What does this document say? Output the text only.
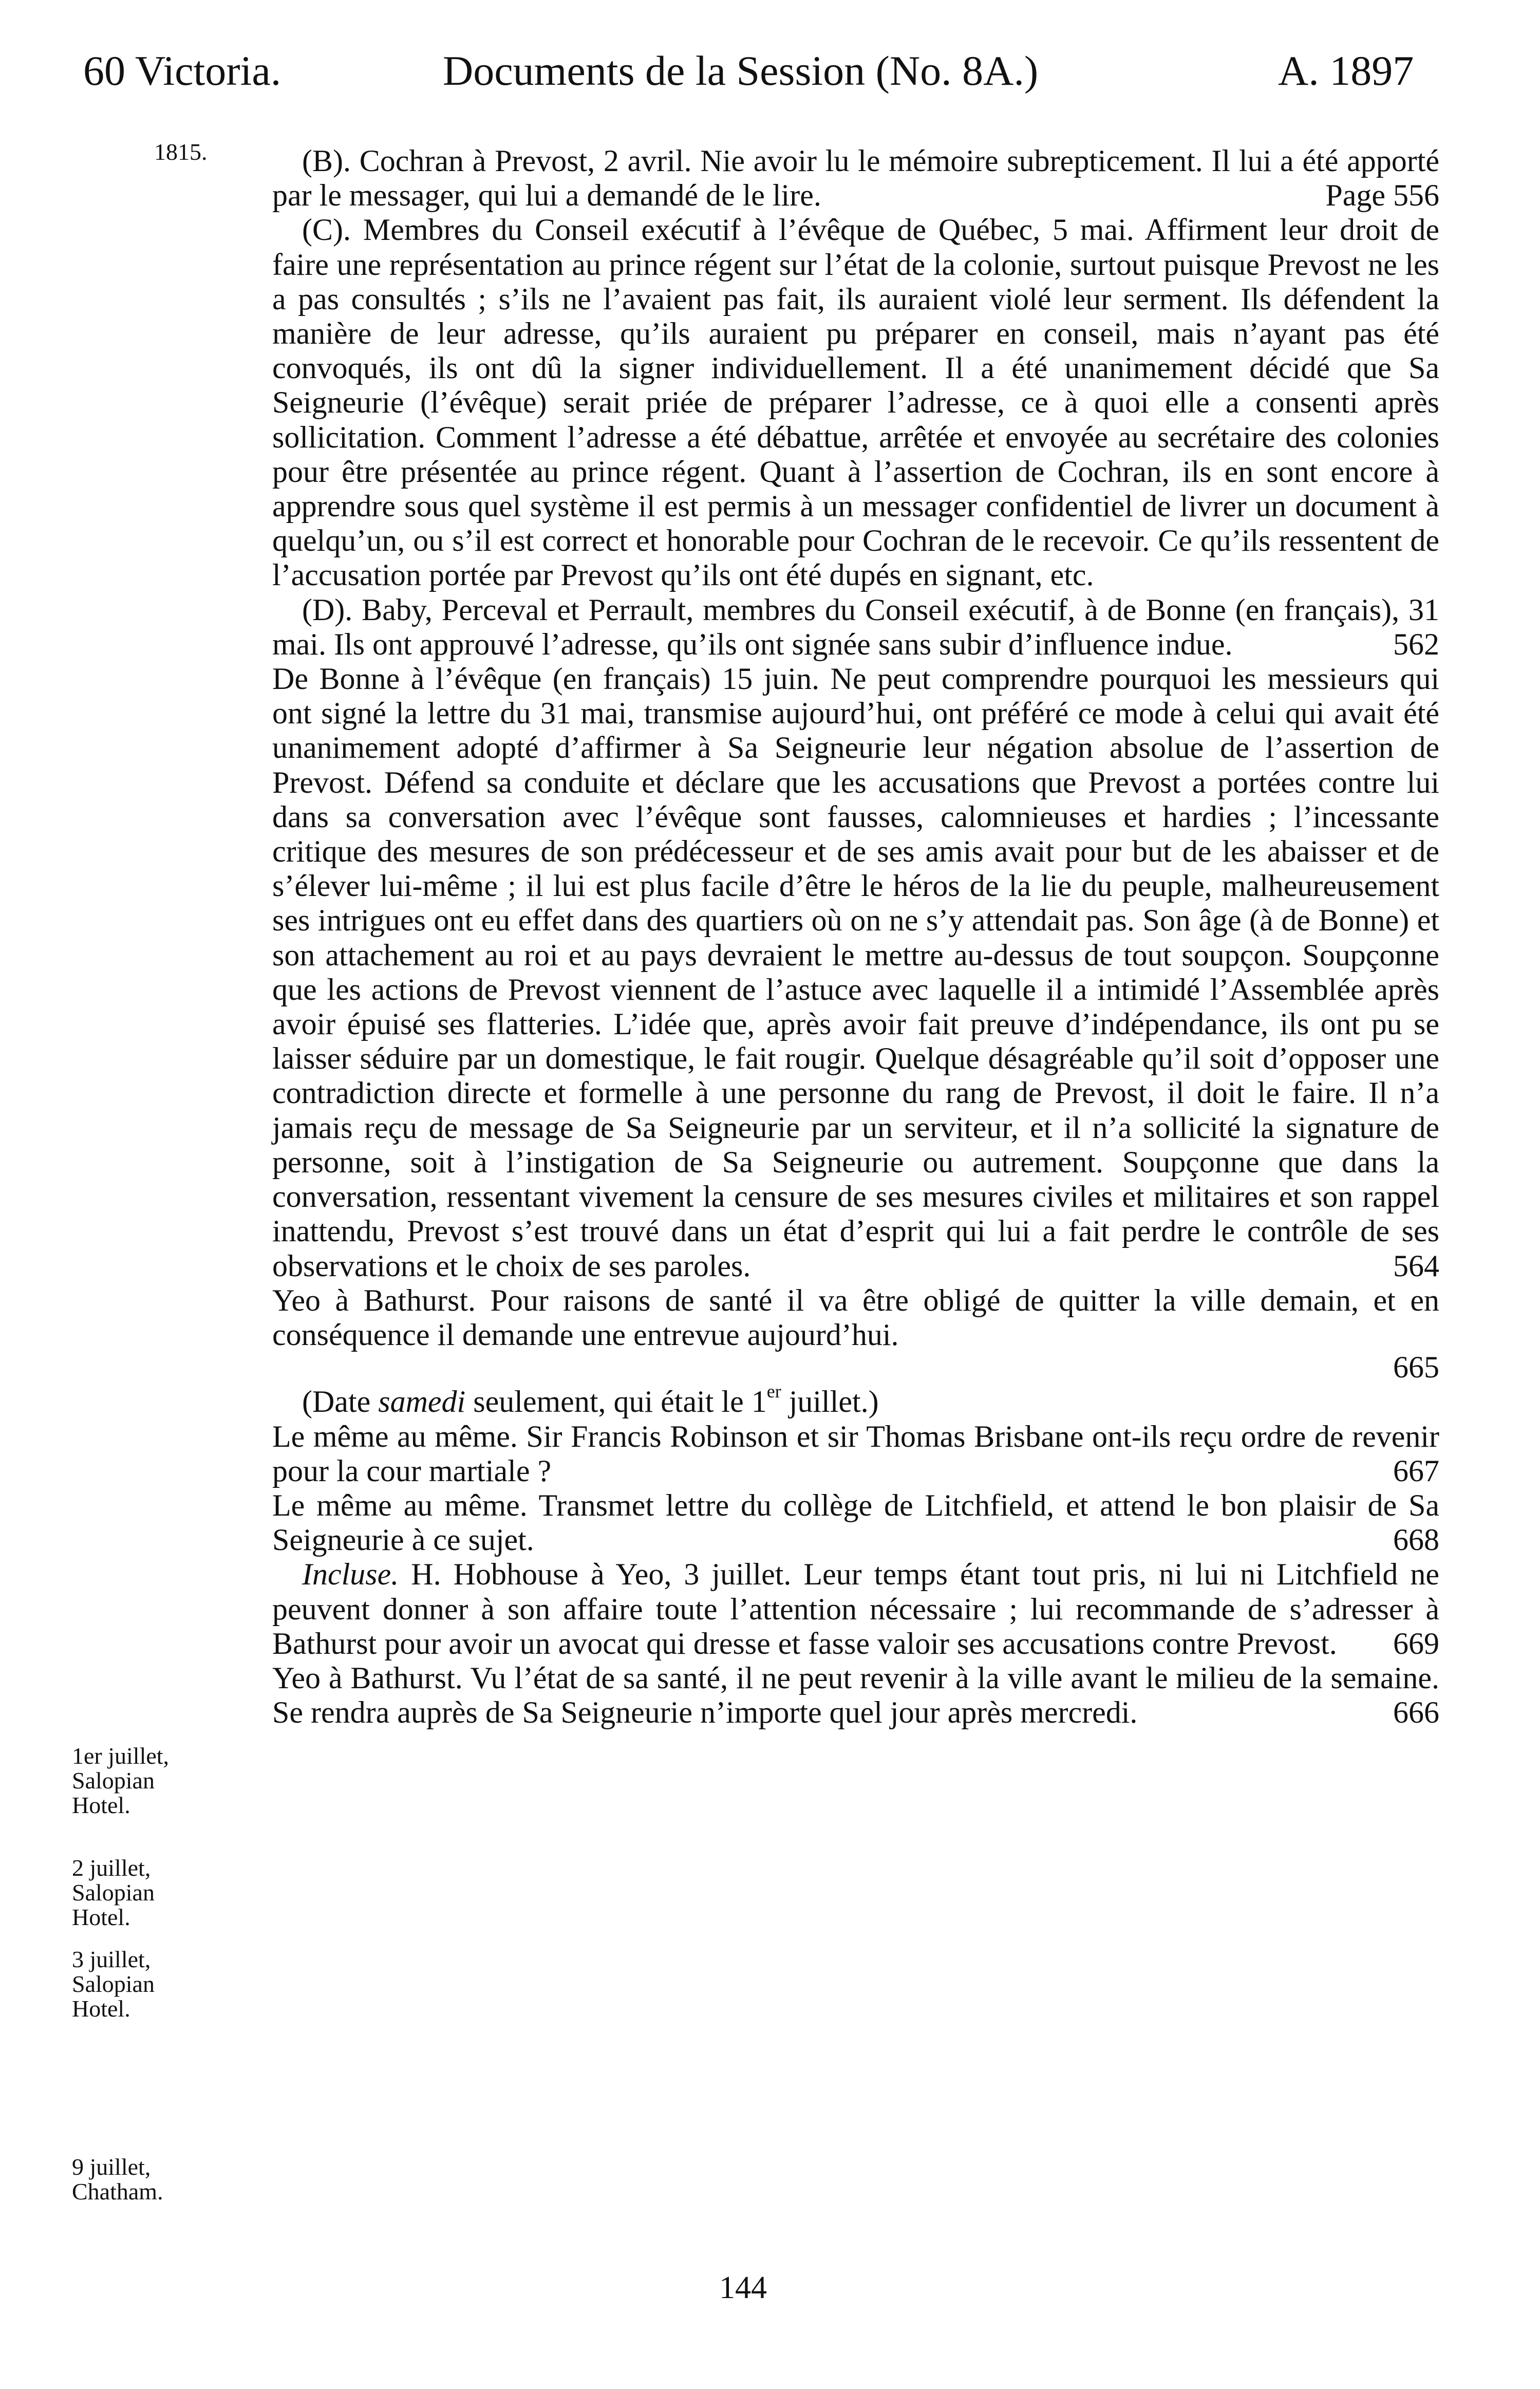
60 Victoria.	Documents de la Session (No. 8A.)	A. 1897
1815.
1er juillet,
Salopian
Hotel.
2 juillet,
Salopian
Hotel.
3 juillet,
Salopian
Hotel.
9 juillet,
Chatham.

(B). Cochran à Prevost, 2 avril. Nie avoir lu le mémoire subrepticement. Il lui a été apporté par le messager, qui lui a demandé de le lire.	Page 556

(C). Membres du Conseil exécutif à l’évêque de Québec, 5 mai. Affirment leur droit de faire une représentation au prince régent sur l’état de la colonie, surtout puisque Prevost ne les a pas consultés ; s’ils ne l’avaient pas fait, ils auraient violé leur serment. Ils défendent la manière de leur adresse, qu’ils auraient pu préparer en conseil, mais n’ayant pas été convoqués, ils ont dû la signer individuellement. Il a été unanimement décidé que Sa Seigneurie (l’évêque) serait priée de préparer l’adresse, ce à quoi elle a consenti après sollicitation. Comment l’adresse a été débattue, arrêtée et envoyée au secrétaire des colonies pour être présentée au prince régent. Quant à l’assertion de Cochran, ils en sont encore à apprendre sous quel système il est permis à un messager confidentiel de livrer un document à quelqu’un, ou s’il est correct et honorable pour Cochran de le recevoir. Ce qu’ils ressentent de l’accusation portée par Prevost qu’ils ont été dupés en signant, etc.

(D). Baby, Perceval et Perrault, membres du Conseil exécutif, à de Bonne (en français), 31 mai. Ils ont approuvé l’adresse, qu’ils ont signée sans subir d’influence indue.	562

De Bonne à l’évêque (en français) 15 juin. Ne peut comprendre pourquoi les messieurs qui ont signé la lettre du 31 mai, transmise aujourd’hui, ont préféré ce mode à celui qui avait été unanimement adopté d’affirmer à Sa Seigneurie leur négation absolue de l’assertion de Prevost. Défend sa conduite et déclare que les accusations que Prevost a portées contre lui dans sa conversation avec l’évêque sont fausses, calomnieuses et hardies ; l’incessante critique des mesures de son prédécesseur et de ses amis avait pour but de les abaisser et de s’élever lui-même ; il lui est plus facile d’être le héros de la lie du peuple, malheureusement ses intrigues ont eu effet dans des quartiers où on ne s’y attendait pas. Son âge (à de Bonne) et son attachement au roi et au pays devraient le mettre au-dessus de tout soupçon. Soupçonne que les actions de Prevost viennent de l’astuce avec laquelle il a intimidé l’Assemblée après avoir épuisé ses flatteries. L’idée que, après avoir fait preuve d’indépendance, ils ont pu se laisser séduire par un domestique, le fait rougir. Quelque désagréable qu’il soit d’opposer une contradiction directe et formelle à une personne du rang de Prevost, il doit le faire. Il n’a jamais reçu de message de Sa Seigneurie par un serviteur, et il n’a sollicité la signature de personne, soit à l’instigation de Sa Seigneurie ou autrement. Soupçonne que dans la conversation, ressentant vivement la censure de ses mesures civiles et militaires et son rappel inattendu, Prevost s’est trouvé dans un état d’esprit qui lui a fait perdre le contrôle de ses observations et le choix de ses paroles.	564

Yeo à Bathurst. Pour raisons de santé il va être obligé de quitter la ville demain, et en conséquence il demande une entrevue aujourd’hui.
665

(Date samedi seulement, qui était le 1er juillet.)

Le même au même. Sir Francis Robinson et sir Thomas Brisbane ont-ils reçu ordre de revenir pour la cour martiale ?	667

Le même au même. Transmet lettre du collège de Litchfield, et attend le bon plaisir de Sa Seigneurie à ce sujet.	668

Incluse. H. Hobhouse à Yeo, 3 juillet. Leur temps étant tout pris, ni lui ni Litchfield ne peuvent donner à son affaire toute l’attention nécessaire ; lui recommande de s’adresser à Bathurst pour avoir un avocat qui dresse et fasse valoir ses accusations contre Prevost.	669

Yeo à Bathurst. Vu l’état de sa santé, il ne peut revenir à la ville avant le milieu de la semaine. Se rendra auprès de Sa Seigneurie n’importe quel jour après mercredi.	666

144
